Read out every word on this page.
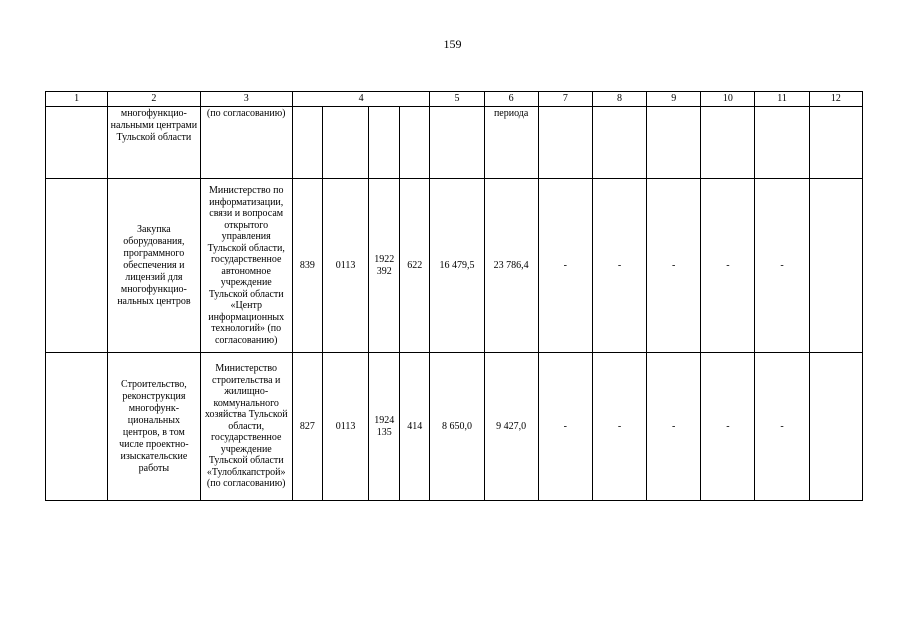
159
1	2	3	4				5	6	7	8	9	10	11	12
	многофункцио-нальными центрами Тульской области	(по согласованию)						периода						
	Закупка оборудования, программного обеспечения и лицензий для многофункцио-нальных центров	Министерство по информатизации, связи и вопросам открытого управления Тульской области, государственное автономное учреждение Тульской области «Центр информационных технологий» (по согласованию)	839	0113	1922 392	622	16 479,5	23 786,4	-	-	-	-	-	
	Строительство, реконструкция многофунк-циональных центров, в том числе проектно-изыскательские работы	Министерство строительства и жилищно-коммунального хозяйства Тульской области, государственное учреждение Тульской области «Тулоблкапстрой» (по согласованию)	827	0113	1924 135	414	8 650,0	9 427,0	-	-	-	-	-	
